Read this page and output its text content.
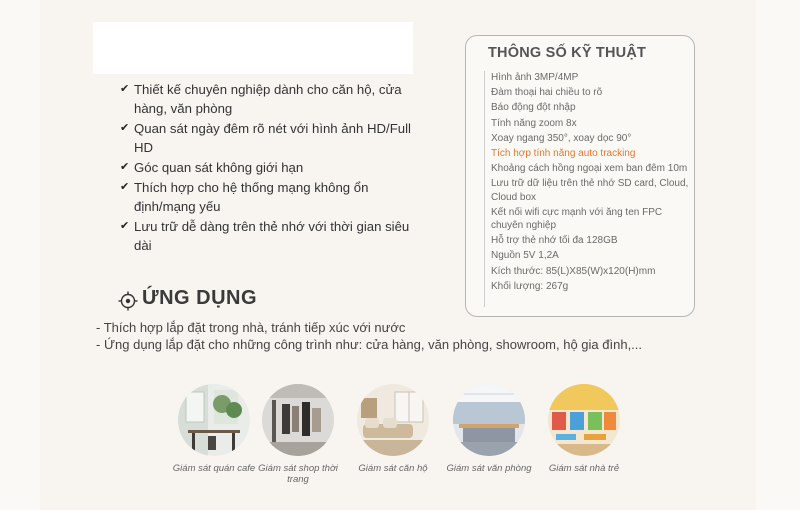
✔ Thiết kế chuyên nghiệp dành cho căn hộ, cửa hàng, văn phòng
✔ Quan sát ngày đêm rõ nét với hình ảnh HD/Full HD
✔ Góc quan sát không giới hạn
✔ Thích hợp cho hệ thống mạng không ổn định/mạng yếu
✔ Lưu trữ dễ dàng trên thẻ nhớ với thời gian siêu dài
THÔNG SỐ KỸ THUẬT
Hình ảnh 3MP/4MP
Đàm thoại hai chiều to rõ
Báo động đột nhập
Tính năng zoom 8x
Xoay ngang 350°, xoay dọc 90°
Tích hợp tính năng auto tracking
Khoảng cách hồng ngoại xem ban đêm 10m
Lưu trữ dữ liệu trên thẻ nhớ SD card, Cloud, Cloud box
Kết nối wifi cực mạnh với ăng ten FPC chuyên nghiệp
Hỗ trợ thẻ nhớ tối đa 128GB
Nguồn 5V 1,2A
Kích thước: 85(L)X85(W)x120(H)mm
Khối lượng: 267g
ỨNG DỤNG
- Thích hợp lắp đặt trong nhà, tránh tiếp xúc với nước
- Ứng dụng lắp đặt cho những công trình như: cửa hàng, văn phòng, showroom, hộ gia đình,...
Giám sát quán cafe Giám sát shop thời trang
Giám sát căn hộ	Giám sát văn phòng	Giám sát nhà trẻ
